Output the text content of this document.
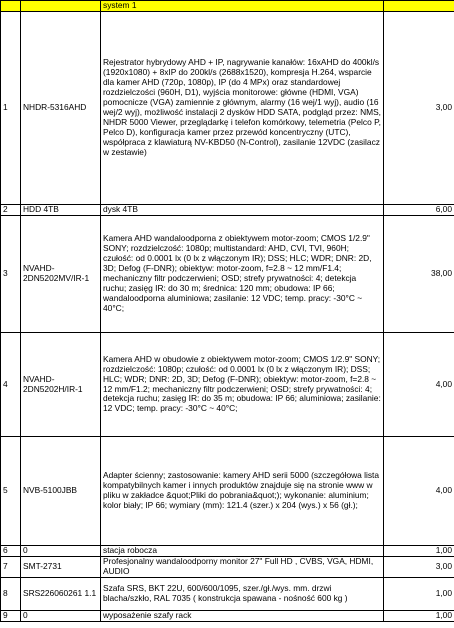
		system 1	
1	NHDR-5316AHD	Rejestrator hybrydowy AHD + IP, nagrywanie kanałów: 16xAHD do 400kl/s (1920x1080) + 8xIP do 200kl/s (2688x1520), kompresja H.264, wsparcie dla kamer AHD (720p, 1080p), IP (do 4 MPx) oraz standardowej rozdzielczości (960H, D1), wyjścia monitorowe: główne (HDMI, VGA) pomocnicze (VGA) zamiennie z głównym, alarmy (16 wej/1 wyj), audio (16 wej/2 wyj), możliwość instalacji 2 dysków HDD SATA, podgląd przez: NMS, NHDR 5000 Viewer, przeglądarkę i telefon komórkowy, telemetria (Pelco P, Pelco D), konfiguracja kamer przez przewód koncentryczny (UTC), współpraca z klawiaturą NV-KBD50 (N-Control), zasilanie 12VDC (zasilacz w zestawie)	3,00
2	HDD 4TB	dysk 4TB	6,00
3	NVAHD-2DN5202MV/IR-1	Kamera AHD wandaloodporna z obiektywem motor-zoom; CMOS 1/2.9" SONY; rozdzielczość: 1080p; multistandard: AHD, CVI, TVI, 960H; czułość: od 0.0001 lx (0 lx z włączonym IR); DSS; HLC; WDR; DNR: 2D, 3D; Defog (F-DNR); obiektyw: motor-zoom, f=2.8 ~ 12 mm/F1.4; mechaniczny filtr podczerwieni; OSD; strefy prywatności: 4; detekcja ruchu; zasięg IR: do 30 m; średnica: 120 mm; obudowa: IP 66; wandaloodporna aluminiowa; zasilanie: 12 VDC; temp. pracy: -30°C ~ 40°C;	38,00
4	NVAHD-2DN5202H/IR-1	Kamera AHD w obudowie z obiektywem motor-zoom; CMOS 1/2.9" SONY; rozdzielczość: 1080p; czułość: od 0.0001 lx (0 lx z włączonym IR); DSS; HLC; WDR; DNR: 2D, 3D; Defog (F-DNR); obiektyw: motor-zoom, f=2.8 ~ 12 mm/F1.2; mechaniczny filtr podczerwieni; OSD; strefy prywatności: 4; detekcja ruchu; zasięg IR: do 35 m; obudowa: IP 66; aluminiowa; zasilanie: 12 VDC; temp. pracy: -30°C ~ 40°C;	4,00
5	NVB-5100JBB	Adapter ścienny; zastosowanie: kamery AHD serii 5000 (szczegółowa lista kompatybilnych kamer i innych produktów znajduje się na stronie www w pliku w zakładce &quot;Pliki do pobrania&quot;); wykonanie: aluminium; kolor biały; IP 66; wymiary (mm): 121.4 (szer.) x 204 (wys.) x 56 (gł.);	4,00
6	0	stacja robocza	1,00
7	SMT-2731	Profesjonalny wandaloodporny monitor 27" Full HD , CVBS, VGA, HDMI, AUDIO	3,00
8	SRS226060261 1.1	Szafa SRS, BKT 22U, 600/600/1095, szer./gł./wys. mm. drzwi blacha/szkło, RAL 7035 ( konstrukcja spawana - nośność 600 kg )	1,00
9	0	wyposażenie szafy rack	1,00
